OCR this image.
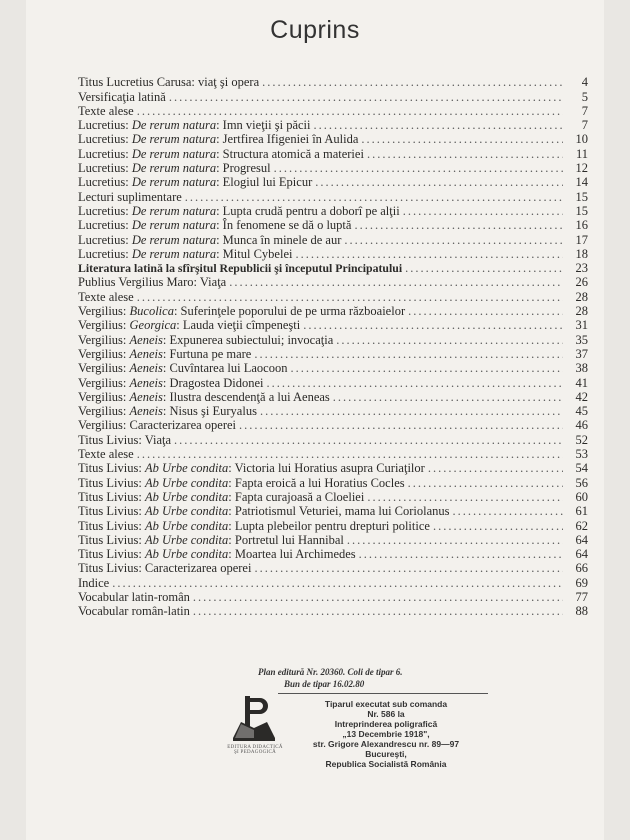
Cuprins
Titus Lucretius Carusa: viaţ şi opera .....	4
Versificaţia latină .....	5
Texte alese .....	7
Lucretius: De rerum natura: Imn vieţii şi păcii .....	7
Lucretius: De rerum natura: Jertfirea Ifigeniei în Aulida .....	10
Lucretius: De rerum natura: Structura atomică a materiei .....	11
Lucretius: De rerum natura: Progresul .....	12
Lucretius: De rerum natura: Elogiul lui Epicur .....	14
Lecturi suplimentare .....	15
Lucretius: De rerum natura: Lupta crudă pentru a doborî pe alţii .....	15
Lucretius: De rerum natura: În fenomene se dă o luptă .....	16
Lucretius: De rerum natura: Munca în minele de aur .....	17
Lucretius: De rerum natura: Mitul Cybelei .....	18
Literatura latină la sfîrşitul Republicii şi începutul Principatului .....	23
Publius Vergilius Maro: Viaţa .....	26
Texte alese .....	28
Vergilius: Bucolica: Suferinţele poporului de pe urma războaielor .....	28
Vergilius: Georgica: Lauda vieţii cîmpeneşti .....	31
Vergilius: Aeneis: Expunerea subiectului; invocaţia .....	35
Vergilius: Aeneis: Furtuna pe mare .....	37
Vergilius: Aeneis: Cuvîntarea lui Laocoon .....	38
Vergilius: Aeneis: Dragostea Didonei .....	41
Vergilius: Aeneis: Ilustra descendenţă a lui Aeneas .....	42
Vergilius: Aeneis: Nisus şi Euryalus .....	45
Vergilius: Caracterizarea operei .....	46
Titus Livius: Viaţa .....	52
Texte alese .....	53
Titus Livius: Ab Urbe condita: Victoria lui Horatius asupra Curiaţilor .....	54
Titus Livius: Ab Urbe condita: Fapta eroică a lui Horatius Cocles .....	56
Titus Livius: Ab Urbe condita: Fapta curajoasă a Cloeliei .....	60
Titus Livius: Ab Urbe condita: Patriotismul Veturiei, mama lui Coriolanus .....	61
Titus Livius: Ab Urbe condita: Lupta plebeilor pentru drepturi politice .....	62
Titus Livius: Ab Urbe condita: Portretul lui Hannibal .....	64
Titus Livius: Ab Urbe condita: Moartea lui Archimedes .....	64
Titus Livius: Caracterizarea operei .....	66
Indice .....	69
Vocabular latin-român .....	77
Vocabular român-latin .....	88
Plan editură Nr. 20360. Coli de tipar 6.
Bun de tipar 16.02.80
EDITURA DIDACTICĂ ŞI PEDAGOGICĂ
Tiparul executat sub comanda
Nr. 586 la
Intreprinderea poligrafică
„13 Decembrie 1918",
str. Grigore Alexandrescu nr. 89—97
Bucureşti,
Republica Socialistă România
